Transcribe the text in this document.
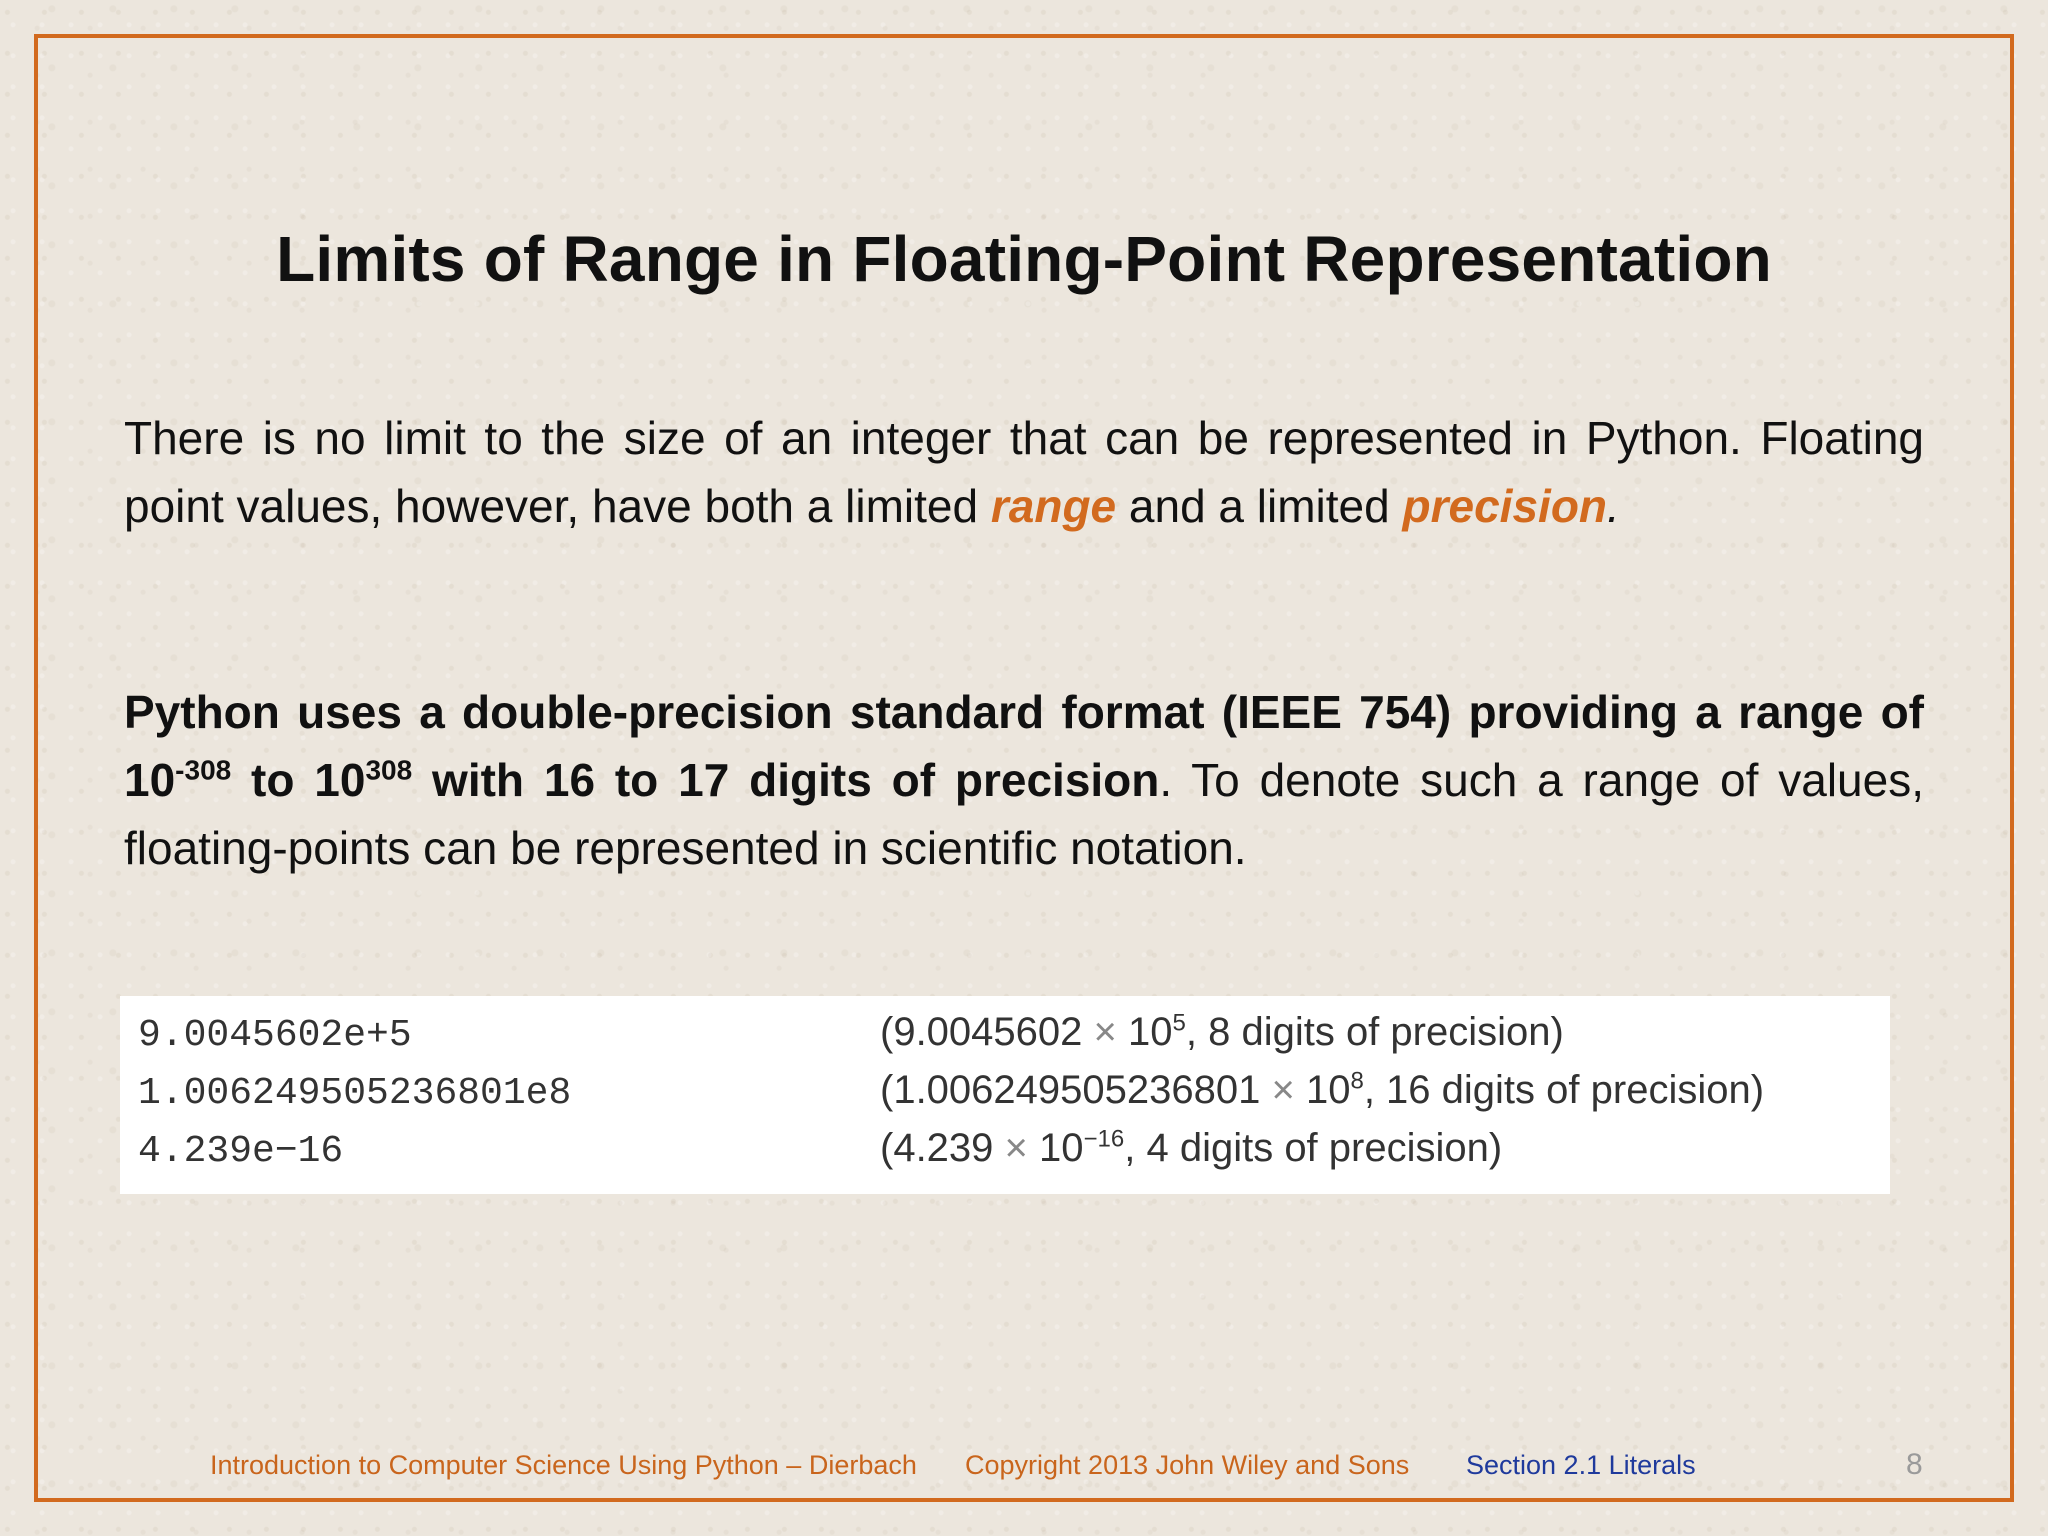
Limits of Range in Floating-Point Representation

There is no limit to the size of an integer that can be represented in Python. Floating point values, however, have both a limited range and a limited precision.

Python uses a double-precision standard format (IEEE 754) providing a range of $10^{-308}$ to $10^{308}$ with 16 to 17 digits of precision. To denote such a range of values, floating-points can be represented in scientific notation.

9.0045602e+5	($9.0045602 \times 10^5$, 8 digits of precision)
1.006249505236801e8	($1.006249505236801 \times 10^8$, 16 digits of precision)
4.239e−16	($4.239 \times 10^{-16}$, 4 digits of precision)
Introduction to Computer Science Using Python – Dierbach Copyright 2013 John Wiley and Sons Section 2.1 Literals	8
